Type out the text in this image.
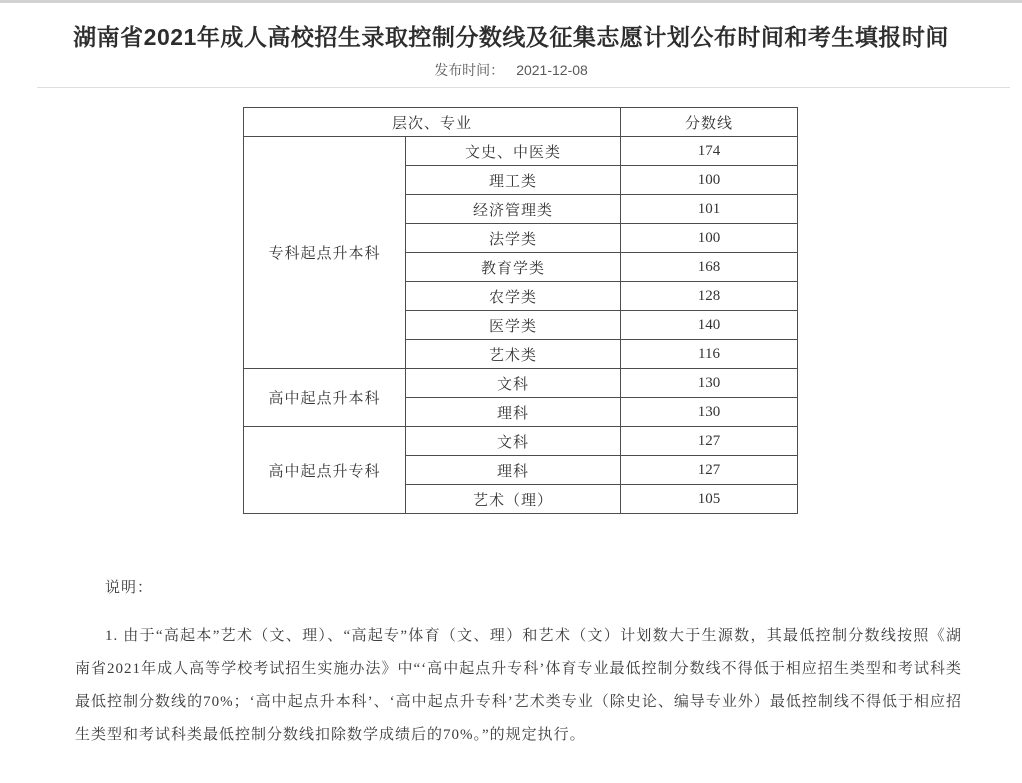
湖南省2021年成人高校招生录取控制分数线及征集志愿计划公布时间和考生填报时间
发布时间： 2021-12-08
层次、专业		分数线
专科起点升本科	文史、中医类	174
	理工类	100
	经济管理类	101
	法学类	100
	教育学类	168
	农学类	128
	医学类	140
	艺术类	116
高中起点升本科	文科	130
	理科	130
高中起点升专科	文科	127
	理科	127
	艺术（理）	105
说明：

1. 由于“高起本”艺术（文、理）、“高起专”体育（文、理）和艺术（文）计划数大于生源数，其最低控制分数线按照《湖南省2021年成人高等学校考试招生实施办法》中“‘高中起点升专科’体育专业最低控制分数线不得低于相应招生类型和考试科类最低控制分数线的70%；‘高中起点升本科’、‘高中起点升专科’艺术类专业（除史论、编导专业外）最低控制线不得低于相应招生类型和考试科类最低控制分数线扣除数学成绩后的70%。”的规定执行。
